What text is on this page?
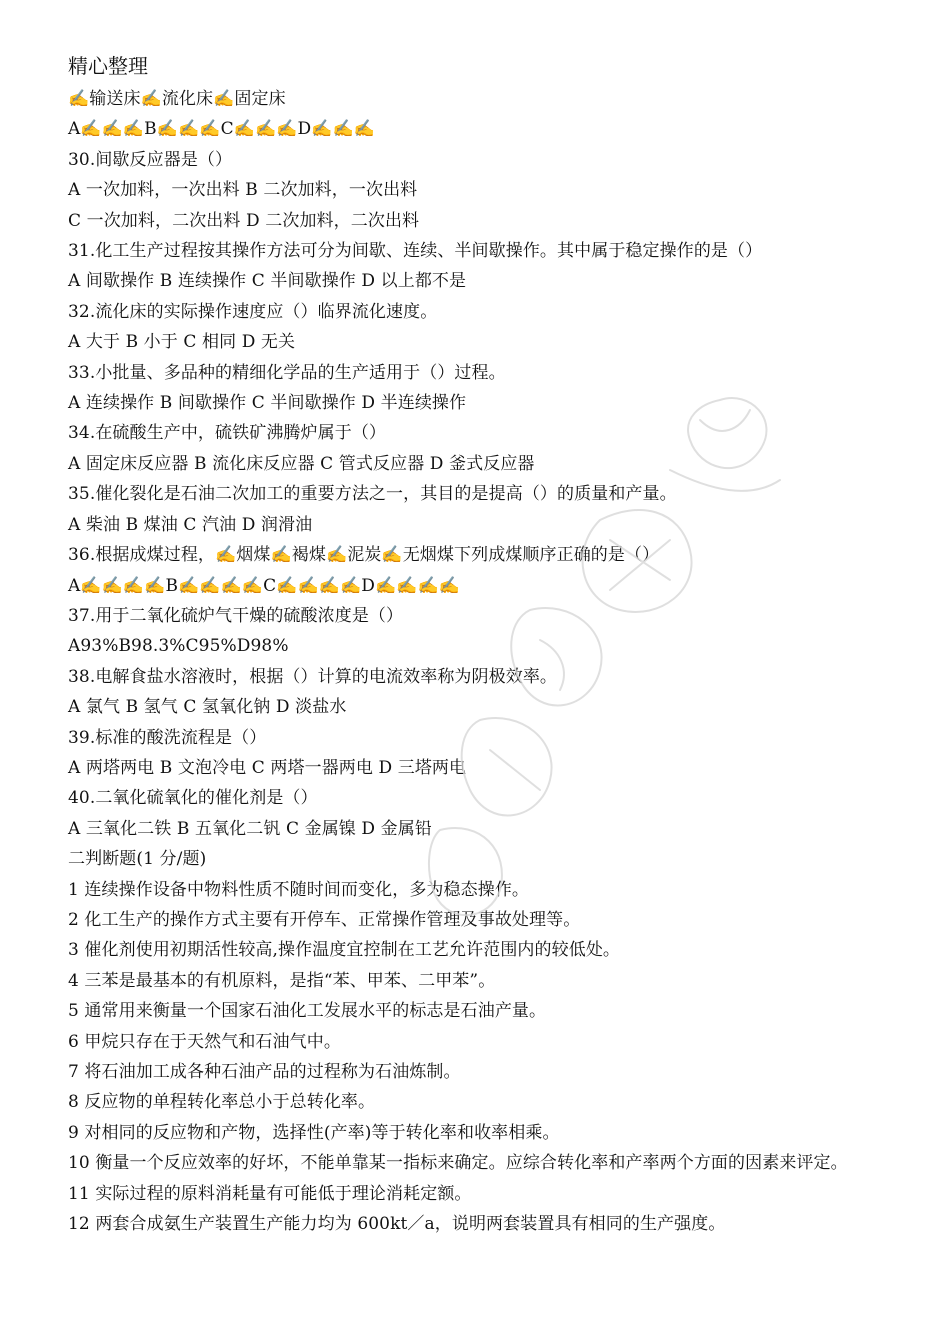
精心整理
✍输送床✍流化床✍固定床
A✍✍✍B✍✍✍C✍✍✍D✍✍✍
30.间歇反应器是（）
A 一次加料，一次出料 B 二次加料，一次出料
C 一次加料，二次出料 D 二次加料，二次出料
31.化工生产过程按其操作方法可分为间歇、连续、半间歇操作。其中属于稳定操作的是（）
A 间歇操作 B 连续操作 C 半间歇操作 D 以上都不是
32.流化床的实际操作速度应（）临界流化速度。
A 大于 B 小于 C 相同 D 无关
33.小批量、多品种的精细化学品的生产适用于（）过程。
A 连续操作 B 间歇操作 C 半间歇操作 D 半连续操作
34.在硫酸生产中，硫铁矿沸腾炉属于（）
A 固定床反应器 B 流化床反应器 C 管式反应器 D 釜式反应器
35.催化裂化是石油二次加工的重要方法之一，其目的是提高（）的质量和产量。
A 柴油 B 煤油 C 汽油 D 润滑油
36.根据成煤过程，✍烟煤✍褐煤✍泥炭✍无烟煤下列成煤顺序正确的是（）
A✍✍✍✍B✍✍✍✍C✍✍✍✍D✍✍✍✍
37.用于二氧化硫炉气干燥的硫酸浓度是（）
A93%B98.3%C95%D98%
38.电解食盐水溶液时，根据（）计算的电流效率称为阴极效率。
A 氯气 B 氢气 C 氢氧化钠 D 淡盐水
39.标准的酸洗流程是（）
A 两塔两电 B 文泡冷电 C 两塔一器两电 D 三塔两电
40.二氧化硫氧化的催化剂是（）
A 三氧化二铁 B 五氧化二钒 C 金属镍 D 金属铅
二判断题(1 分/题)
1 连续操作设备中物料性质不随时间而变化，多为稳态操作。
2 化工生产的操作方式主要有开停车、正常操作管理及事故处理等。
3 催化剂使用初期活性较高,操作温度宜控制在工艺允许范围内的较低处。
4 三苯是最基本的有机原料，是指“苯、甲苯、二甲苯”。
5 通常用来衡量一个国家石油化工发展水平的标志是石油产量。
6 甲烷只存在于天然气和石油气中。
7 将石油加工成各种石油产品的过程称为石油炼制。
8 反应物的单程转化率总小于总转化率。
9 对相同的反应物和产物，选择性(产率)等于转化率和收率相乘。
10 衡量一个反应效率的好坏，不能单靠某一指标来确定。应综合转化率和产率两个方面的因素来评定。
11 实际过程的原料消耗量有可能低于理论消耗定额。
12 两套合成氨生产装置生产能力均为 600kt／a，说明两套装置具有相同的生产强度。
